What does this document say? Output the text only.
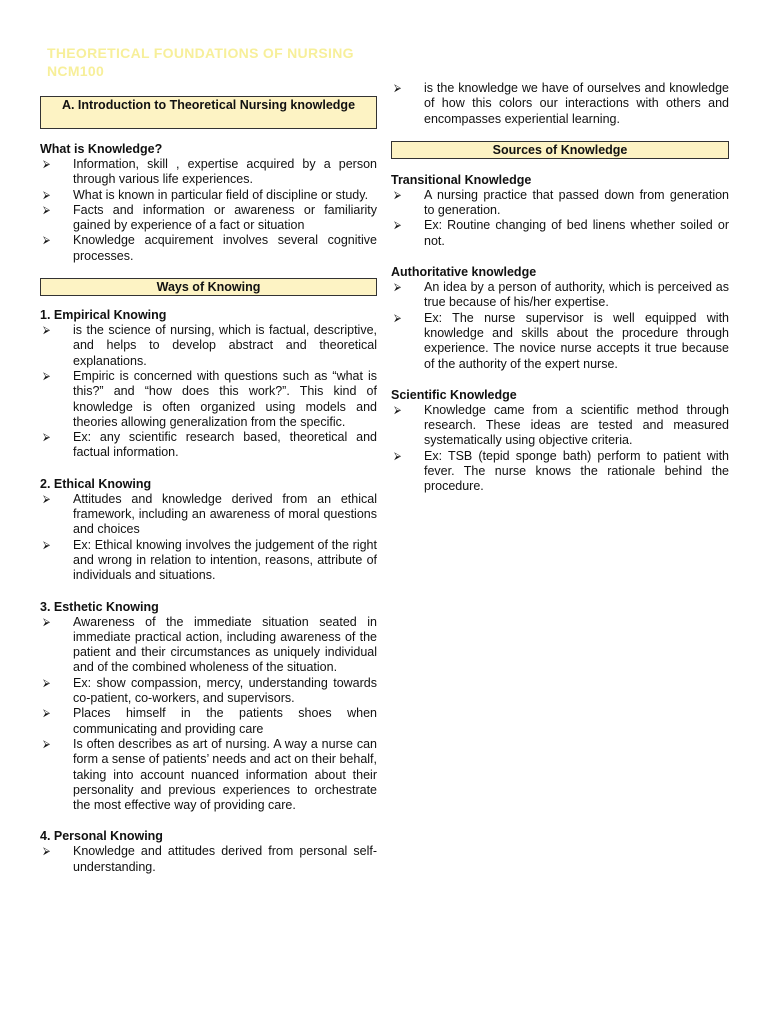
THEORETICAL FOUNDATIONS OF NURSING
NCM100
A. Introduction to Theoretical Nursing knowledge
What is Knowledge?
⮚ Information, skill , expertise acquired by a person through various life experiences.
⮚ What is known in particular field of discipline or study.
⮚ Facts and information or awareness or familiarity gained by experience of a fact or situation
⮚ Knowledge acquirement involves several cognitive processes.
Ways of Knowing
1. Empirical Knowing
⮚ is the science of nursing, which is factual, descriptive, and helps to develop abstract and theoretical explanations.
⮚ Empiric is concerned with questions such as “what is this?” and “how does this work?”. This kind of knowledge is often organized using models and theories allowing generalization from the specific.
⮚ Ex: any scientific research based, theoretical and factual information.
2. Ethical Knowing
⮚ Attitudes and knowledge derived from an ethical framework, including an awareness of moral questions and choices
⮚ Ex: Ethical knowing involves the judgement of the right and wrong in relation to intention, reasons, attribute of individuals and situations.
3. Esthetic Knowing
⮚ Awareness of the immediate situation seated in immediate practical action, including awareness of the patient and their circumstances as uniquely individual and of the combined wholeness of the situation.
⮚ Ex: show compassion, mercy, understanding towards co-patient, co-workers, and supervisors.
⮚ Places himself in the patients shoes when communicating and providing care
⮚ Is often describes as art of nursing. A way a nurse can form a sense of patients’ needs and act on their behalf, taking into account nuanced information about their personality and previous experiences to orchestrate the most effective way of providing care.
4. Personal Knowing
⮚ Knowledge and attitudes derived from personal self-understanding.
⮚ is the knowledge we have of ourselves and knowledge of how this colors our interactions with others and encompasses experiential learning.
Sources of Knowledge
Transitional Knowledge
⮚ A nursing practice that passed down from generation to generation.
⮚ Ex: Routine changing of bed linens whether soiled or not.
Authoritative knowledge
⮚ An idea by a person of authority, which is perceived as true because of his/her expertise.
⮚ Ex: The nurse supervisor is well equipped with knowledge and skills about the procedure through experience. The novice nurse accepts it true because of the authority of the expert nurse.
Scientific Knowledge
⮚ Knowledge came from a scientific method through research. These ideas are tested and measured systematically using objective criteria.
⮚ Ex: TSB (tepid sponge bath) perform to patient with fever. The nurse knows the rationale behind the procedure.
